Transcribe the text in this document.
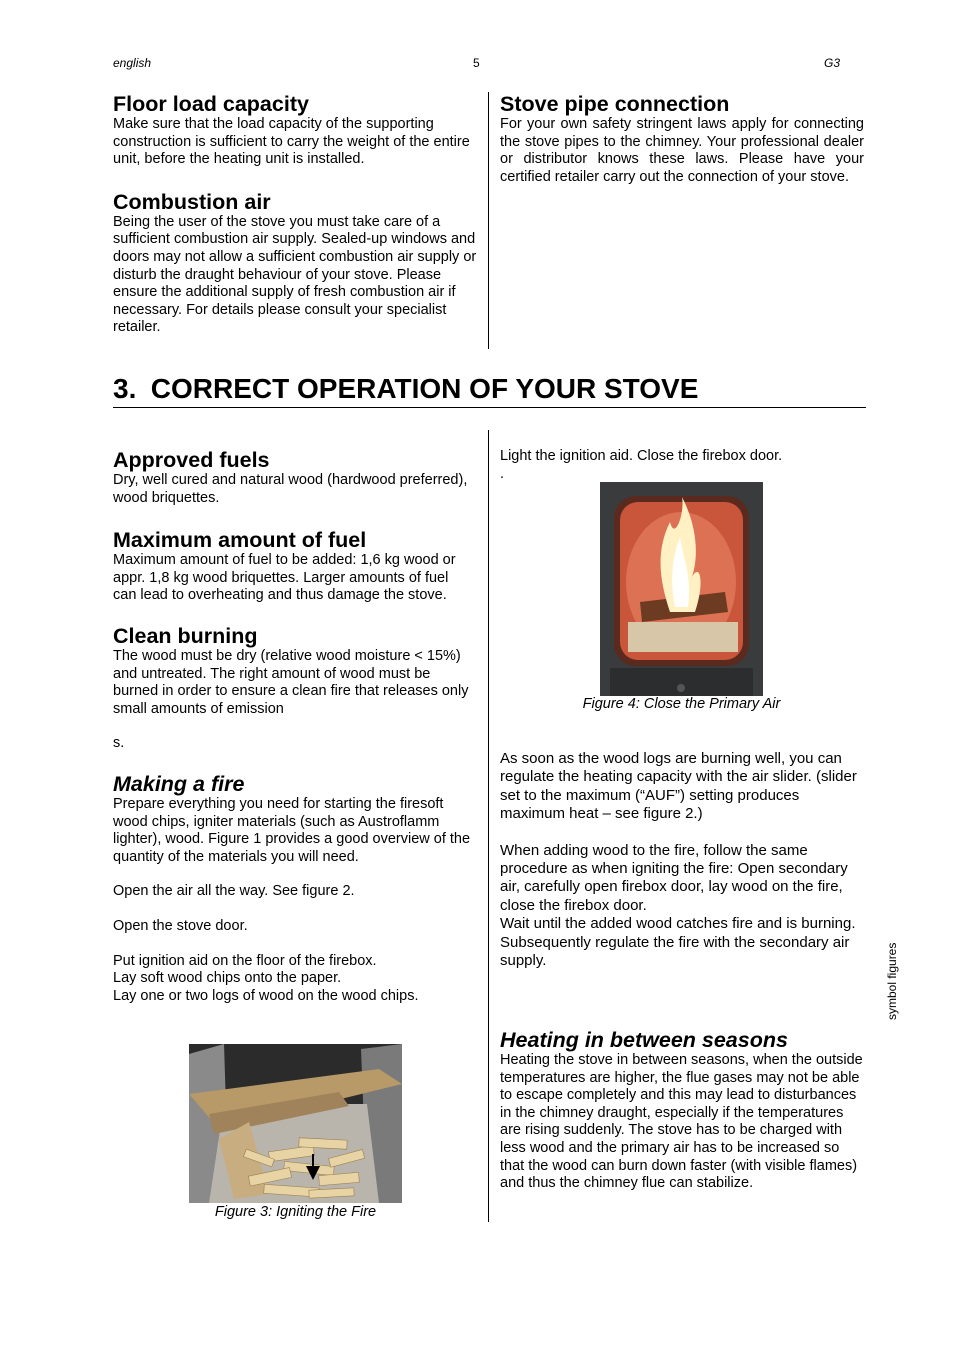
english	5	G3
Floor load capacity

Make sure that the load capacity of the supporting construction is sufficient to carry the weight of the entire unit, before the heating unit is installed.

Combustion air

Being the user of the stove you must take care of a sufficient combustion air supply. Sealed-up windows and doors may not allow a sufficient combustion air supply or disturb the draught behaviour of your stove. Please ensure the additional supply of fresh combustion air if necessary. For details please consult your specialist retailer.

Stove pipe connection

For your own safety stringent laws apply for connecting the stove pipes to the chimney. Your professional dealer or distributor knows these laws. Please have your certified retailer carry out the connection of your stove.

3. CORRECT OPERATION OF YOUR STOVE
Approved fuels

Dry, well cured and natural wood (hardwood preferred), wood briquettes.

Maximum amount of fuel

Maximum amount of fuel to be added: 1,6 kg wood or appr. 1,8 kg wood briquettes. Larger amounts of fuel can lead to overheating and thus damage the stove.

Clean burning

The wood must be dry (relative wood moisture < 15%) and untreated. The right amount of wood must be burned in order to ensure a clean fire that releases only small amounts of emission

s.

Making a fire

Prepare everything you need for starting the firesoft wood chips, igniter materials (such as Austroflamm lighter), wood. Figure 1 provides a good overview of the quantity of the materials you will need.

Open the air all the way. See figure 2.

Open the stove door.

Put ignition aid on the floor of the firebox.

Lay soft wood chips onto the paper.

Lay one or two logs of wood on the wood chips.

Figure 3: Igniting the Fire

Light the ignition aid. Close the firebox door.

.

Figure 4: Close the Primary Air

As soon as the wood logs are burning well, you can regulate the heating capacity with the air slider. (slider set to the maximum (“AUF”) setting produces maximum heat – see figure 2.)

When adding wood to the fire, follow the same procedure as when igniting the fire: Open secondary air, carefully open firebox door, lay wood on the fire, close the firebox door.

Wait until the added wood catches fire and is burning. Subsequently regulate the fire with the secondary air supply.

Heating in between seasons

Heating the stove in between seasons, when the outside temperatures are higher, the flue gases may not be able to escape completely and this may lead to disturbances in the chimney draught, especially if the temperatures are rising suddenly. The stove has to be charged with less wood and the primary air has to be increased so that the wood can burn down faster (with visible flames) and thus the chimney flue can stabilize.

symbol figures
